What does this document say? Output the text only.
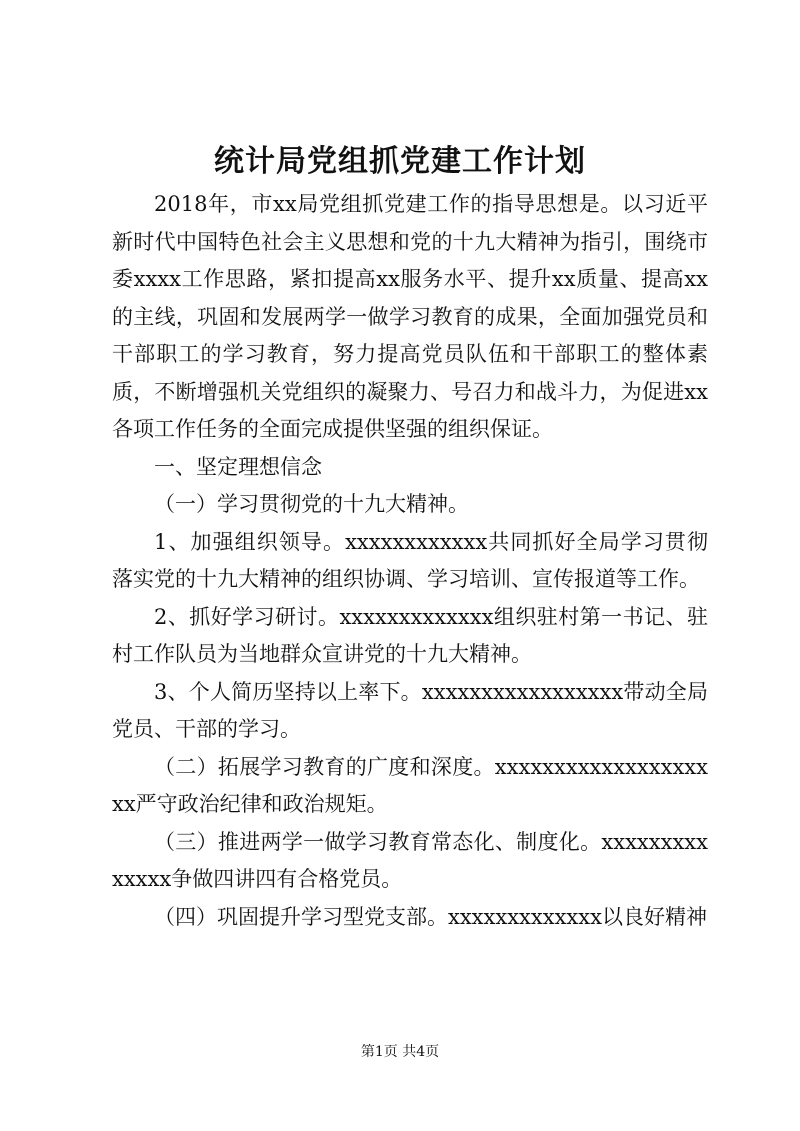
统计局党组抓党建工作计划

2018年，市xx局党组抓党建工作的指导思想是。以习近平新时代中国特色社会主义思想和党的十九大精神为指引，围绕市委xxxx工作思路，紧扣提高xx服务水平、提升xx质量、提高xx的主线，巩固和发展两学一做学习教育的成果，全面加强党员和干部职工的学习教育，努力提高党员队伍和干部职工的整体素质，不断增强机关党组织的凝聚力、号召力和战斗力，为促进xx各项工作任务的全面完成提供坚强的组织保证。

一、坚定理想信念

（一）学习贯彻党的十九大精神。

1、加强组织领导。xxxxxxxxxxxx共同抓好全局学习贯彻落实党的十九大精神的组织协调、学习培训、宣传报道等工作。

2、抓好学习研讨。xxxxxxxxxxxxx组织驻村第一书记、驻村工作队员为当地群众宣讲党的十九大精神。

3、个人简历坚持以上率下。xxxxxxxxxxxxxxxxx带动全局党员、干部的学习。

（二）拓展学习教育的广度和深度。xxxxxxxxxxxxxxxxxxxx严守政治纪律和政治规矩。

（三）推进两学一做学习教育常态化、制度化。xxxxxxxxxxxxxx争做四讲四有合格党员。

（四）巩固提升学习型党支部。xxxxxxxxxxxxx以良好精神

第1页 共4页
